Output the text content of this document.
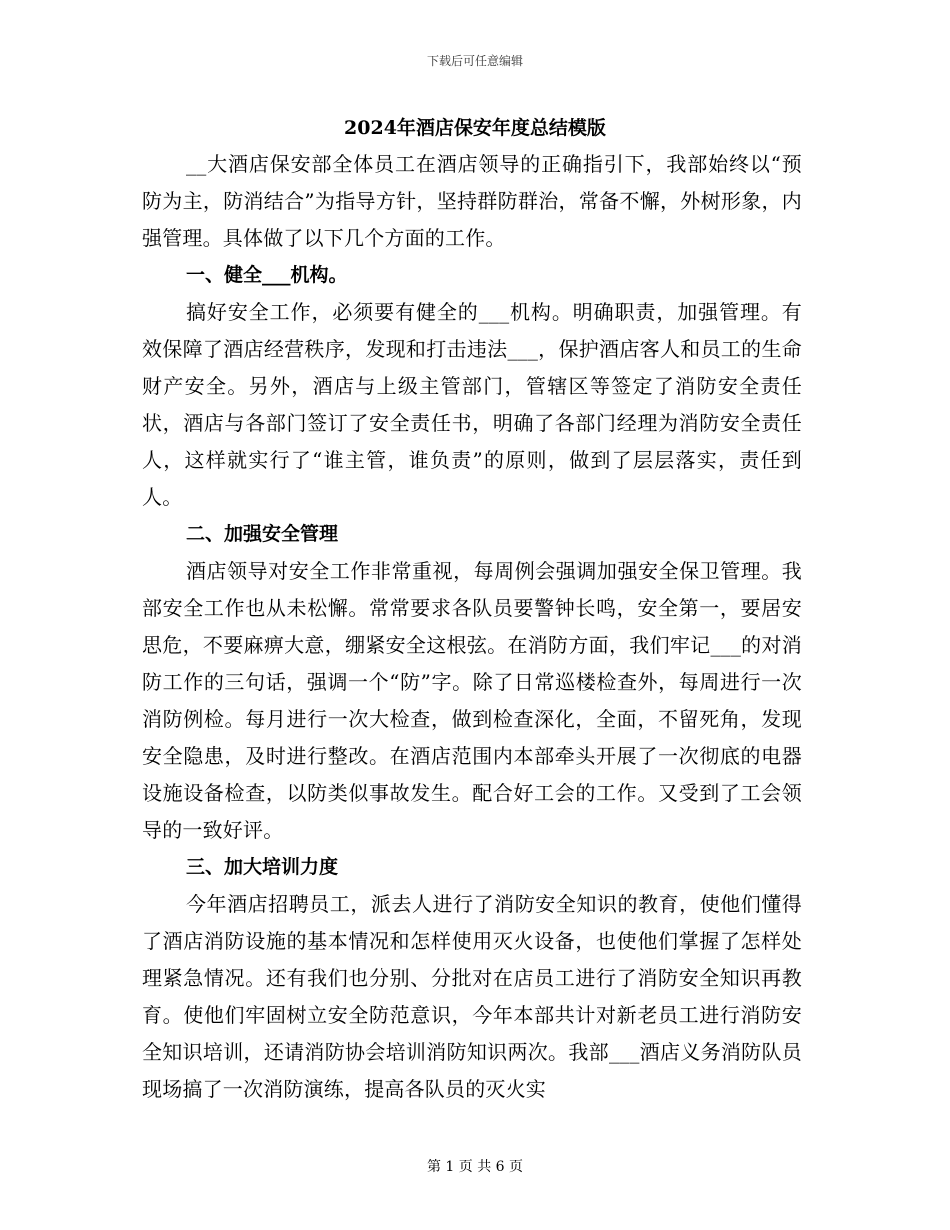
下载后可任意编辑
2024年酒店保安年度总结模版

__大酒店保安部全体员工在酒店领导的正确指引下，我部始终以“预防为主，防消结合”为指导方针，坚持群防群治，常备不懈，外树形象，内强管理。具体做了以下几个方面的工作。

一、健全___机构。

搞好安全工作，必须要有健全的___机构。明确职责，加强管理。有效保障了酒店经营秩序，发现和打击违法___，保护酒店客人和员工的生命财产安全。另外，酒店与上级主管部门，管辖区等签定了消防安全责任状，酒店与各部门签订了安全责任书，明确了各部门经理为消防安全责任人，这样就实行了“谁主管，谁负责”的原则，做到了层层落实，责任到人。

二、加强安全管理

酒店领导对安全工作非常重视，每周例会强调加强安全保卫管理。我部安全工作也从未松懈。常常要求各队员要警钟长鸣，安全第一，要居安思危，不要麻痹大意，绷紧安全这根弦。在消防方面，我们牢记___的对消防工作的三句话，强调一个“防”字。除了日常巡楼检查外，每周进行一次消防例检。每月进行一次大检查，做到检查深化，全面，不留死角，发现安全隐患，及时进行整改。在酒店范围内本部牵头开展了一次彻底的电器设施设备检查，以防类似事故发生。配合好工会的工作。又受到了工会领导的一致好评。

三、加大培训力度

今年酒店招聘员工，派去人进行了消防安全知识的教育，使他们懂得了酒店消防设施的基本情况和怎样使用灭火设备，也使他们掌握了怎样处理紧急情况。还有我们也分别、分批对在店员工进行了消防安全知识再教育。使他们牢固树立安全防范意识，今年本部共计对新老员工进行消防安全知识培训，还请消防协会培训消防知识两次。我部___酒店义务消防队员现场搞了一次消防演练，提高各队员的灭火实

第 1 页 共 6 页
